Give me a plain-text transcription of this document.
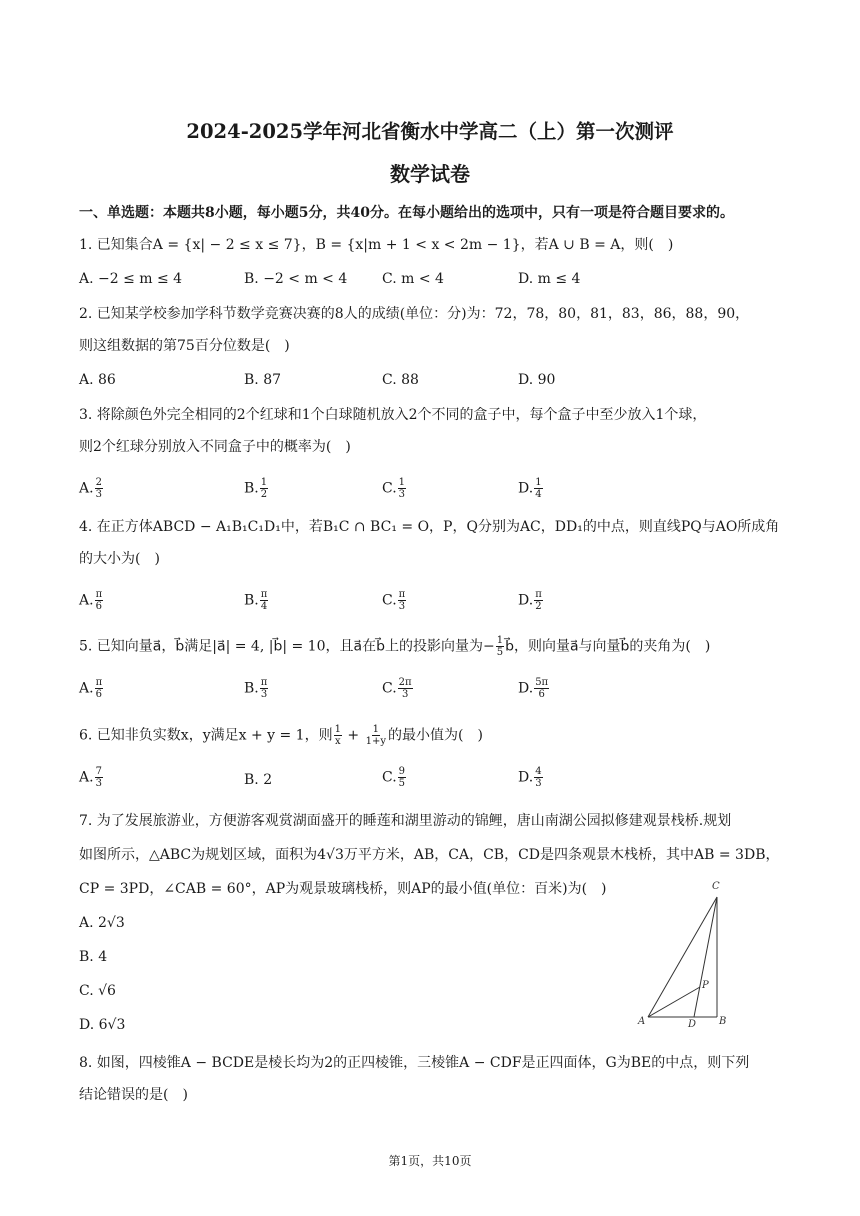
2024-2025学年河北省衡水中学高二（上）第一次测评
数学试卷
一、单选题：本题共8小题，每小题5分，共40分。在每小题给出的选项中，只有一项是符合题目要求的。
1. 已知集合A = {x| − 2 ≤ x ≤ 7}，B = {x|m + 1 < x < 2m − 1}，若A ∪ B = A，则(　)
A. −2 ≤ m ≤ 4	B. −2 < m < 4 C. m < 4	D. m ≤ 4
2. 已知某学校参加学科节数学竞赛决赛的8人的成绩(单位：分)为：72，78，80，81，83，86，88，90，
则这组数据的第75百分位数是(　)
A. 86	B. 87	C. 88	D. 90
3. 将除颜色外完全相同的2个红球和1个白球随机放入2个不同的盒子中，每个盒子中至少放入1个球，
则2个红球分别放入不同盒子中的概率为(　)
A. $\frac{2}{3}$	B. $\frac{1}{2}$	C. $\frac{1}{3}$	D. $\frac{1}{4}$
4. 在正方体ABCD − A₁B₁C₁D₁中，若B₁C ∩ BC₁ = O，P，Q分别为AC，DD₁的中点，则直线PQ与AO所成角
的大小为(　)
A. $\frac{\pi}{6}$	B. $\frac{\pi}{4}$	C. $\frac{\pi}{3}$	D. $\frac{\pi}{2}$
5. 已知向量a⃗，b⃗满足|a⃗| = 4, |b⃗| = 10，且a⃗在b⃗上的投影向量为− $\frac{1}{5}$ b⃗，则向量a⃗与向量b⃗的夹角为(　)
A. $\frac{\pi}{6}$	B. $\frac{\pi}{3}$	C. $\frac{2\pi}{3}$	D. $\frac{5\pi}{6}$
6. 已知非负实数x，y满足x + y = 1，则 $\frac{1}{x} + \frac{1}{1+y}$ 的最小值为(　)
A. $\frac{7}{3}$	B. 2	C. $\frac{9}{5}$	D. $\frac{4}{3}$
7. 为了发展旅游业，方便游客观赏湖面盛开的睡莲和湖里游动的锦鲤，唐山南湖公园拟修建观景栈桥.规划
如图所示，△ABC为规划区域，面积为4√3万平方米，AB，CA，CB，CD是四条观景木栈桥，其中AB = 3DB，
CP = 3PD，∠CAB = 60°，AP为观景玻璃栈桥，则AP的最小值(单位：百米)为(　)
A. 2√3
B. 4
C. √6
D. 6√3	A	D B
C
P
8. 如图，四棱锥A − BCDE是棱长均为2的正四棱锥，三棱锥A − CDF是正四面体，G为BE的中点，则下列
结论错误的是(　)
第1页，共10页
